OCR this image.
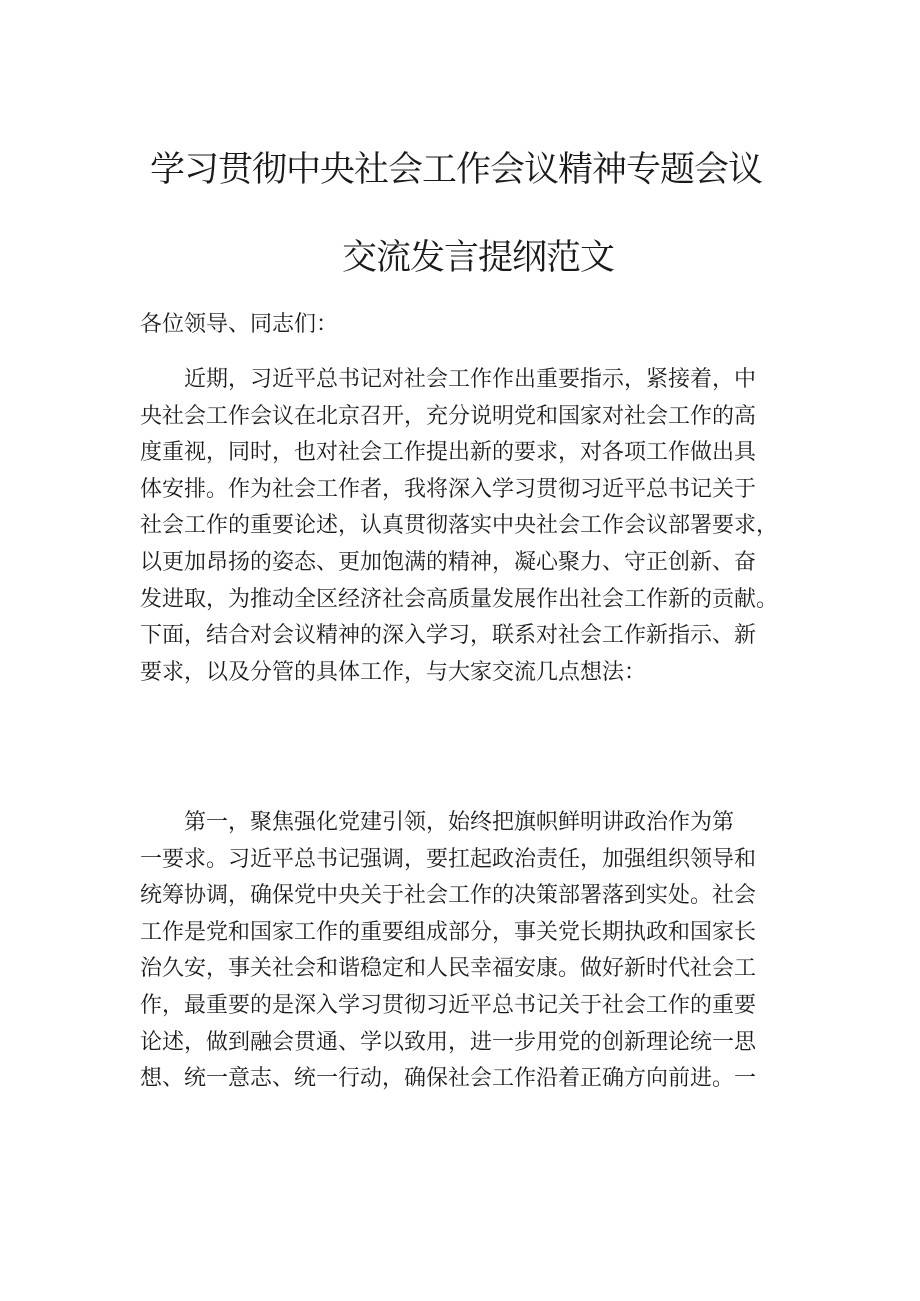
学习贯彻中央社会工作会议精神专题会议
交流发言提纲范文
各位领导、同志们：
近期，习近平总书记对社会工作作出重要指示，紧接着，中
央社会工作会议在北京召开，充分说明党和国家对社会工作的高
度重视，同时，也对社会工作提出新的要求，对各项工作做出具
体安排。作为社会工作者，我将深入学习贯彻习近平总书记关于
社会工作的重要论述，认真贯彻落实中央社会工作会议部署要求，
以更加昂扬的姿态、更加饱满的精神，凝心聚力、守正创新、奋
发进取，为推动全区经济社会高质量发展作出社会工作新的贡献。
下面，结合对会议精神的深入学习，联系对社会工作新指示、新
要求，以及分管的具体工作，与大家交流几点想法：
第一，聚焦强化党建引领，始终把旗帜鲜明讲政治作为第
一要求。习近平总书记强调，要扛起政治责任，加强组织领导和
统筹协调，确保党中央关于社会工作的决策部署落到实处。社会
工作是党和国家工作的重要组成部分，事关党长期执政和国家长
治久安，事关社会和谐稳定和人民幸福安康。做好新时代社会工
作，最重要的是深入学习贯彻习近平总书记关于社会工作的重要
论述，做到融会贯通、学以致用，进一步用党的创新理论统一思
想、统一意志、统一行动，确保社会工作沿着正确方向前进。一
